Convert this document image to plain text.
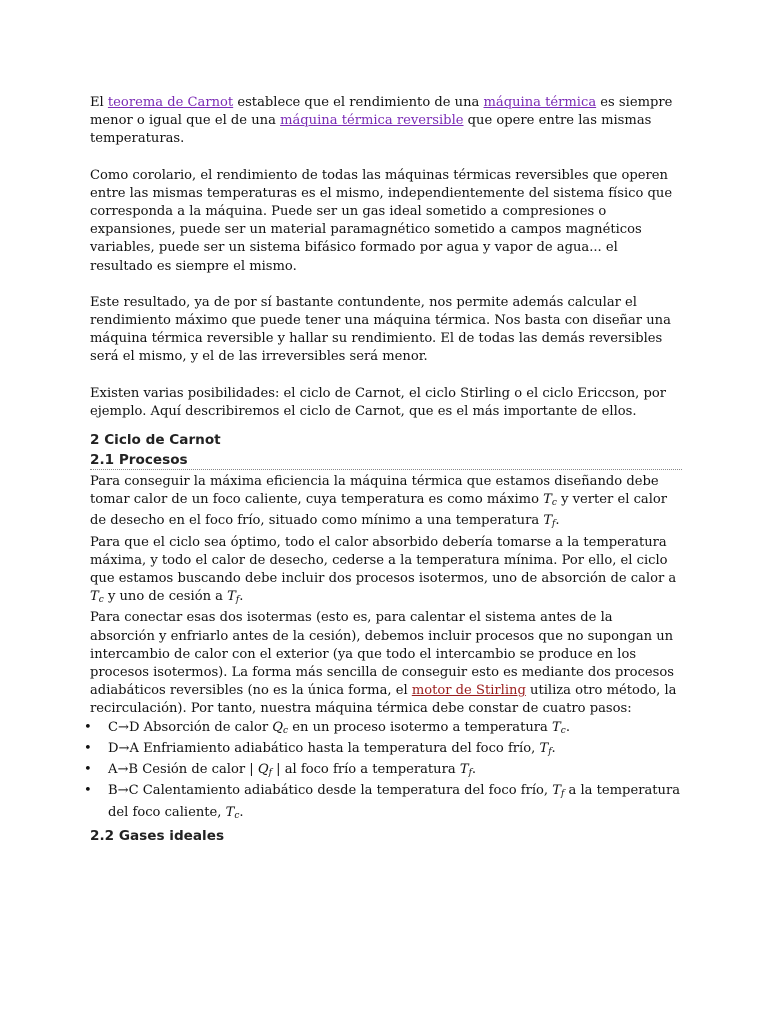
El teorema de Carnot establece que el rendimiento de una máquina térmica es siempre menor o igual que el de una máquina térmica reversible que opere entre las mismas temperaturas.

Como corolario, el rendimiento de todas las máquinas térmicas reversibles que operen entre las mismas temperaturas es el mismo, independientemente del sistema físico que corresponda a la máquina. Puede ser un gas ideal sometido a compresiones o expansiones, puede ser un material paramagnético sometido a campos magnéticos variables, puede ser un sistema bifásico formado por agua y vapor de agua... el resultado es siempre el mismo.

Este resultado, ya de por sí bastante contundente, nos permite además calcular el rendimiento máximo que puede tener una máquina térmica. Nos basta con diseñar una máquina térmica reversible y hallar su rendimiento. El de todas las demás reversibles será el mismo, y el de las irreversibles será menor.

Existen varias posibilidades: el ciclo de Carnot, el ciclo Stirling o el ciclo Ericcson, por ejemplo. Aquí describiremos el ciclo de Carnot, que es el más importante de ellos.

2 Ciclo de Carnot
2.1 Procesos

Para conseguir la máxima eficiencia la máquina térmica que estamos diseñando debe tomar calor de un foco caliente, cuya temperatura es como máximo $T_c$ y verter el calor de desecho en el foco frío, situado como mínimo a una temperatura $T_f$.

Para que el ciclo sea óptimo, todo el calor absorbido debería tomarse a la temperatura máxima, y todo el calor de desecho, cederse a la temperatura mínima. Por ello, el ciclo que estamos buscando debe incluir dos procesos isotermos, uno de absorción de calor a $T_c$ y uno de cesión a $T_f$.

Para conectar esas dos isotermas (esto es, para calentar el sistema antes de la absorción y enfriarlo antes de la cesión), debemos incluir procesos que no supongan un intercambio de calor con el exterior (ya que todo el intercambio se produce en los procesos isotermos). La forma más sencilla de conseguir esto es mediante dos procesos adiabáticos reversibles (no es la única forma, el motor de Stirling utiliza otro método, la recirculación). Por tanto, nuestra máquina térmica debe constar de cuatro pasos:

• C→D Absorción de calor $Q_c$ en un proceso isotermo a temperatura $T_c$.
• D→A Enfriamiento adiabático hasta la temperatura del foco frío, $T_f$.
• A→B Cesión de calor | $Q_f$ | al foco frío a temperatura $T_f$.
• B→C Calentamiento adiabático desde la temperatura del foco frío, $T_f$ a la temperatura del foco caliente, $T_c$.
2.2 Gases ideales
